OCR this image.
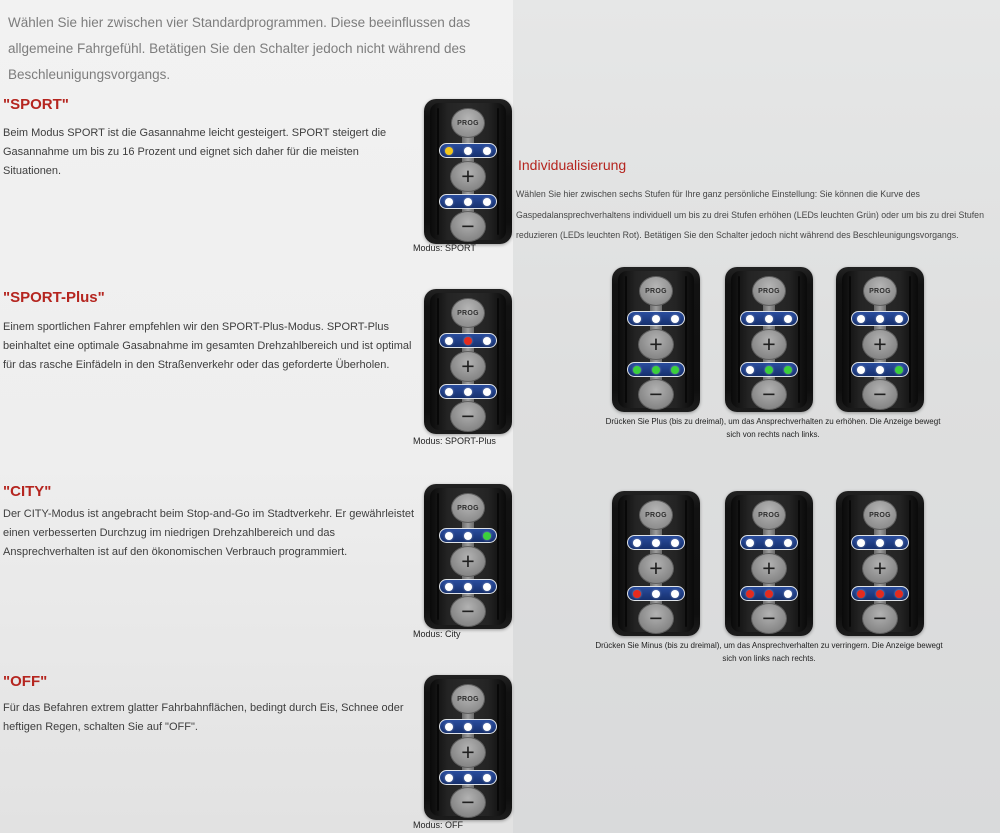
Wählen Sie hier zwischen vier Standardprogrammen. Diese beeinflussen das allgemeine Fahrgefühl. Betätigen Sie den Schalter jedoch nicht während des Beschleunigungsvorgangs.

"SPORT"

Beim Modus SPORT ist die Gasannahme leicht gesteigert. SPORT steigert die Gasannahme um bis zu 16 Prozent und eignet sich daher für die meisten Situationen.

"SPORT-Plus"

Einem sportlichen Fahrer empfehlen wir den SPORT-Plus-Modus. SPORT-Plus beinhaltet eine optimale Gasabnahme im gesamten Drehzahlbereich und ist optimal für das rasche Einfädeln in den Straßenverkehr oder das geforderte Überholen.

"CITY"

Der CITY-Modus ist angebracht beim Stop-and-Go im Stadtverkehr. Er gewährleistet einen verbesserten Durchzug im niedrigen Drehzahlbereich und das Ansprechverhalten ist auf den ökonomischen Verbrauch programmiert.

"OFF"

Für das Befahren extrem glatter Fahrbahnflächen, bedingt durch Eis, Schnee oder heftigen Regen, schalten Sie auf "OFF".

Individualisierung

Wählen Sie hier zwischen sechs Stufen für Ihre ganz persönliche Einstellung: Sie können die Kurve des Gaspedalansprechverhaltens individuell um bis zu drei Stufen erhöhen (LEDs leuchten Grün) oder um bis zu drei Stufen reduzieren (LEDs leuchten Rot). Betätigen Sie den Schalter jedoch nicht während des Beschleunigungsvorgangs.

PROG
+
−
Modus: SPORT
PROG
+
−
Modus: SPORT-Plus
PROG
+
−
Modus: City
PROG
+
−
Modus: OFF
PROG
+
−
PROG
+
−
PROG
+
−
Drücken Sie Plus (bis zu dreimal), um das Ansprechverhalten zu erhöhen. Die Anzeige bewegt sich von rechts nach links.
PROG
+
−
PROG
+
−
PROG
+
−
Drücken Sie Minus (bis zu dreimal), um das Ansprechverhalten zu verringern. Die Anzeige bewegt sich von links nach rechts.
